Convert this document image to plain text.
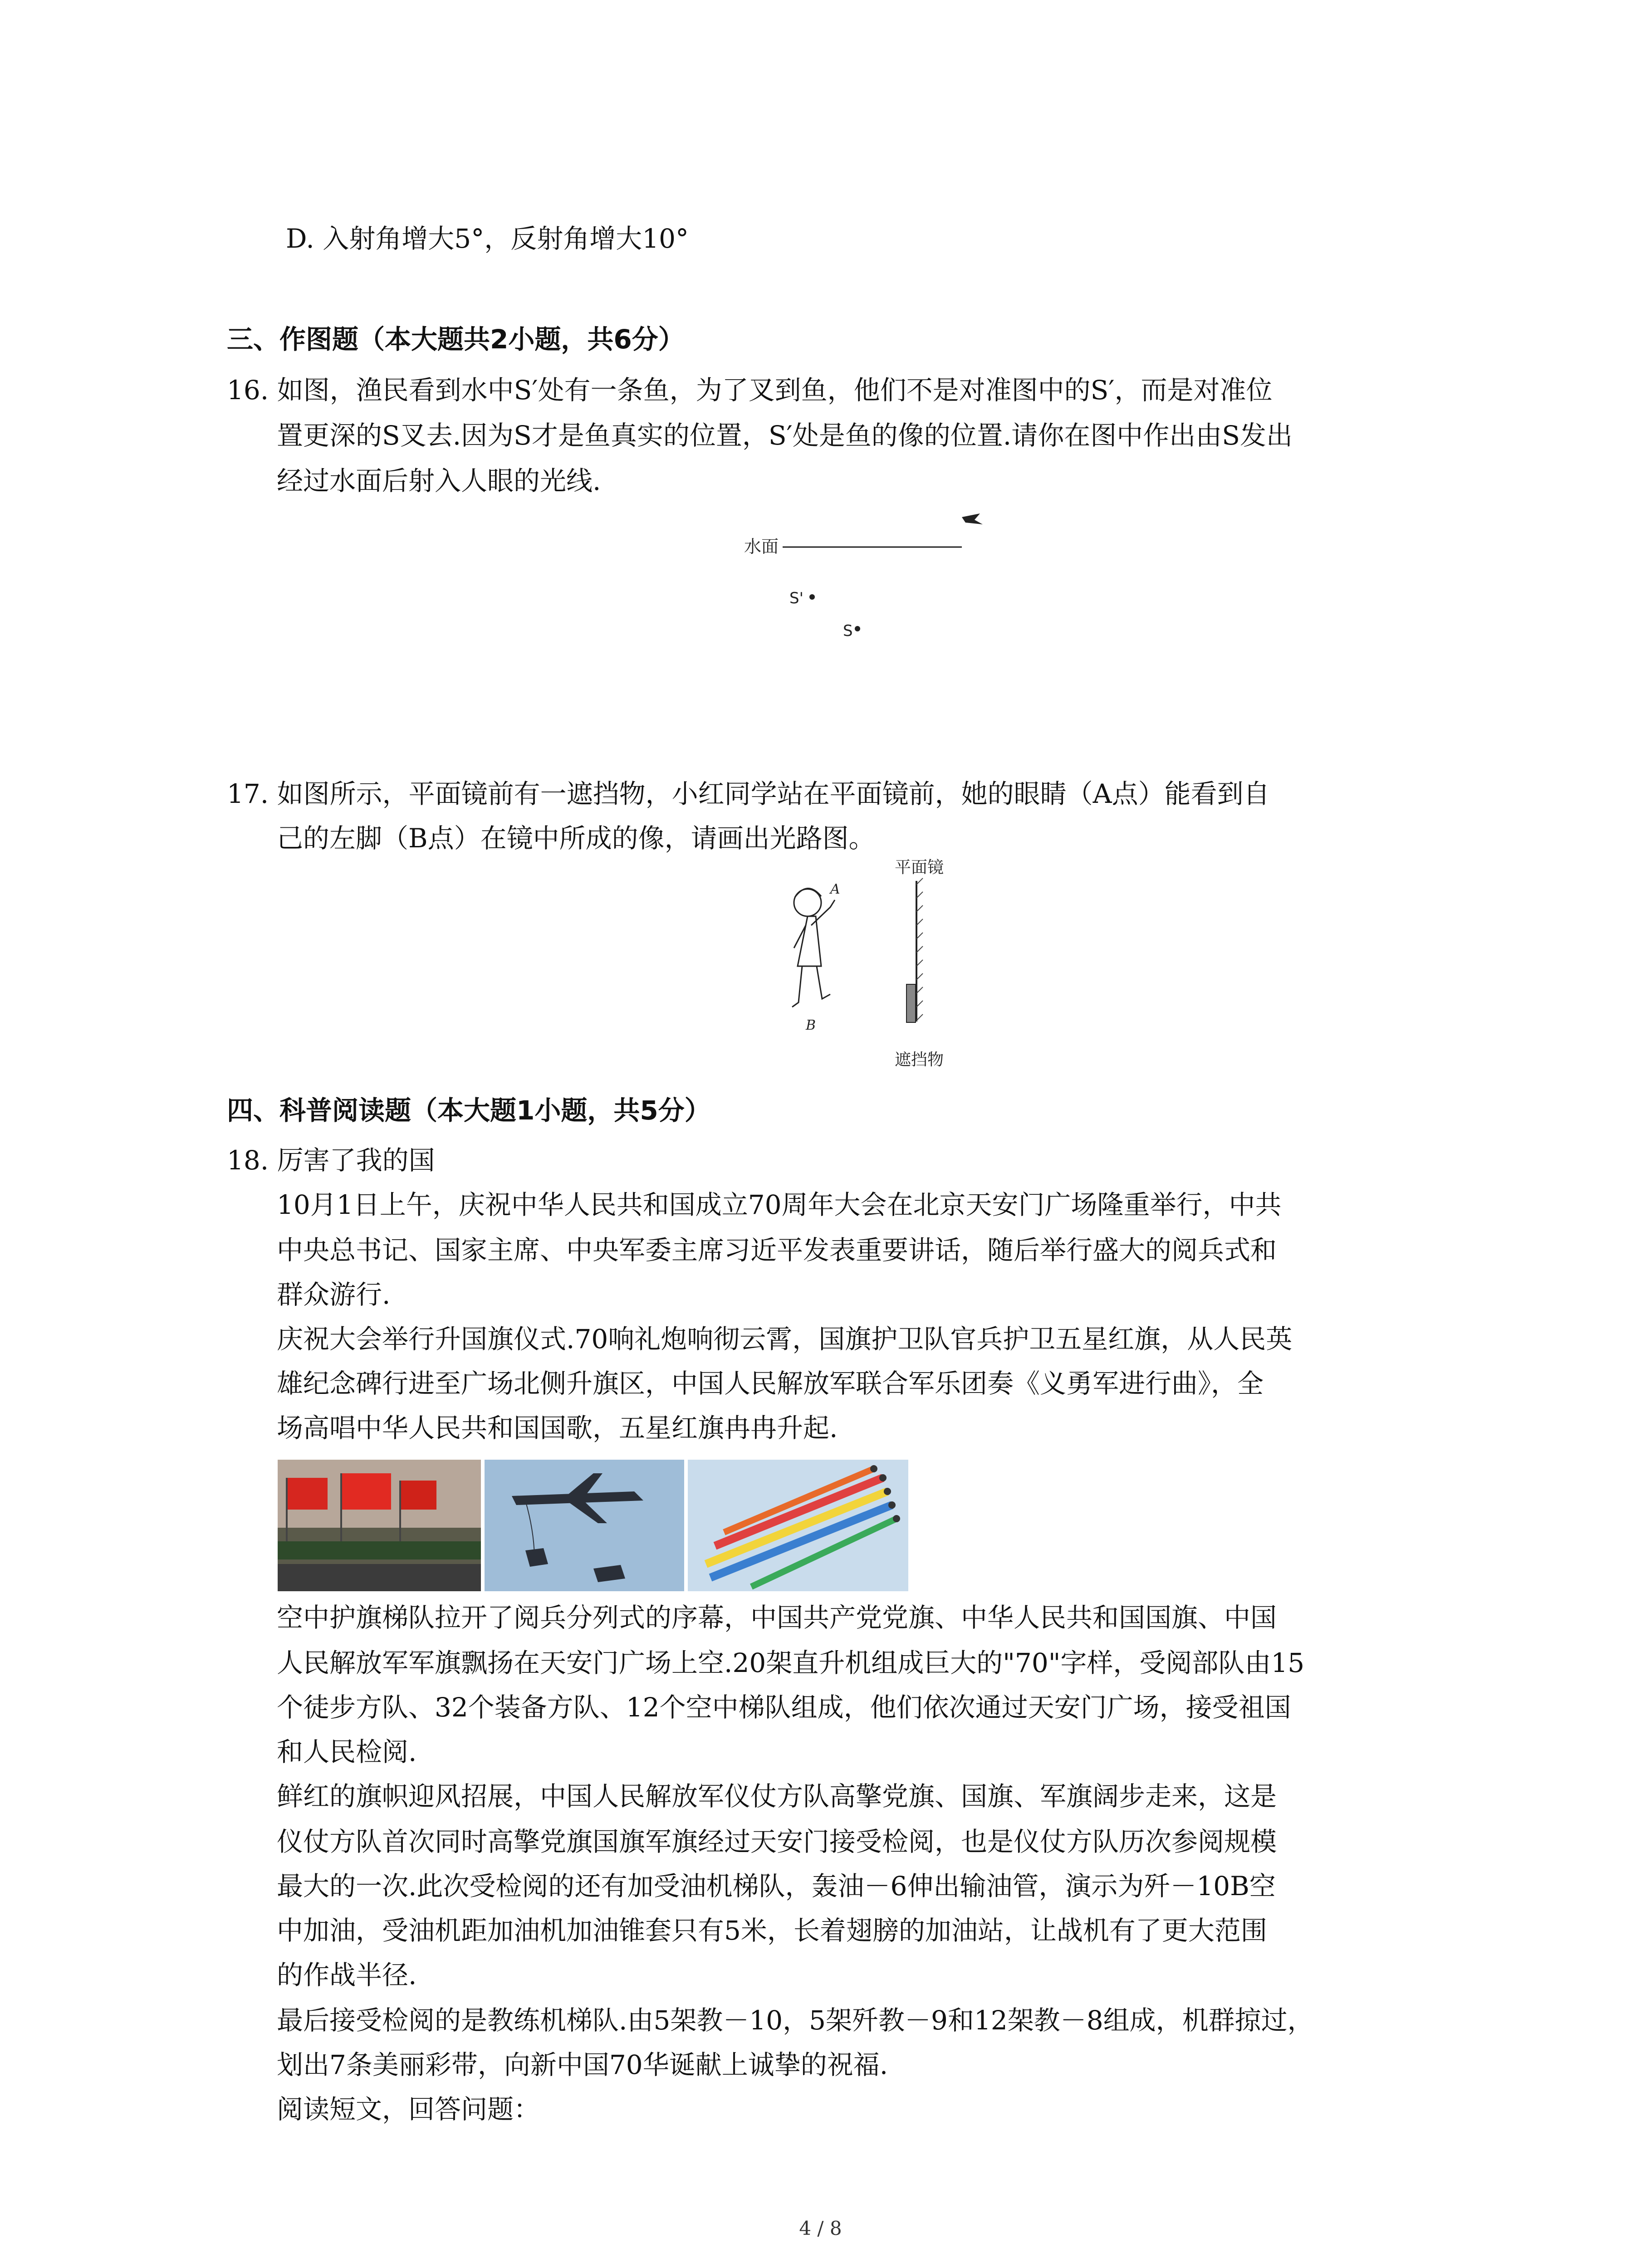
D. 入射角增大5°，反射角增大10°
三、作图题（本大题共2小题，共6分）
16. 如图，渔民看到水中S′处有一条鱼，为了叉到鱼，他们不是对准图中的S′，而是对准位
置更深的S叉去.因为S才是鱼真实的位置，S′处是鱼的像的位置.请你在图中作出由S发出
经过水面后射入人眼的光线.
水面
S'
S
17. 如图所示，平面镜前有一遮挡物，小红同学站在平面镜前，她的眼睛（A点）能看到自
己的左脚（B点）在镜中所成的像，请画出光路图。
平面镜
A
B
遮挡物
四、科普阅读题（本大题1小题，共5分）
18. 厉害了我的国
10月1日上午，庆祝中华人民共和国成立70周年大会在北京天安门广场隆重举行，中共
中央总书记、国家主席、中央军委主席习近平发表重要讲话，随后举行盛大的阅兵式和
群众游行.
庆祝大会举行升国旗仪式.70响礼炮响彻云霄，国旗护卫队官兵护卫五星红旗，从人民英
雄纪念碑行进至广场北侧升旗区，中国人民解放军联合军乐团奏《义勇军进行曲》，全
场高唱中华人民共和国国歌，五星红旗冉冉升起.
空中护旗梯队拉开了阅兵分列式的序幕，中国共产党党旗、中华人民共和国国旗、中国
人民解放军军旗飘扬在天安门广场上空.20架直升机组成巨大的"70"字样，受阅部队由15
个徒步方队、32个装备方队、12个空中梯队组成，他们依次通过天安门广场，接受祖国
和人民检阅.
鲜红的旗帜迎风招展，中国人民解放军仪仗方队高擎党旗、国旗、军旗阔步走来，这是
仪仗方队首次同时高擎党旗国旗军旗经过天安门接受检阅，也是仪仗方队历次参阅规模
最大的一次.此次受检阅的还有加受油机梯队，轰油－6伸出输油管，演示为歼－10B空
中加油，受油机距加油机加油锥套只有5米，长着翅膀的加油站，让战机有了更大范围
的作战半径.
最后接受检阅的是教练机梯队.由5架教－10，5架歼教－9和12架教－8组成，机群掠过，
划出7条美丽彩带，向新中国70华诞献上诚挚的祝福.
阅读短文，回答问题：
4 / 8
